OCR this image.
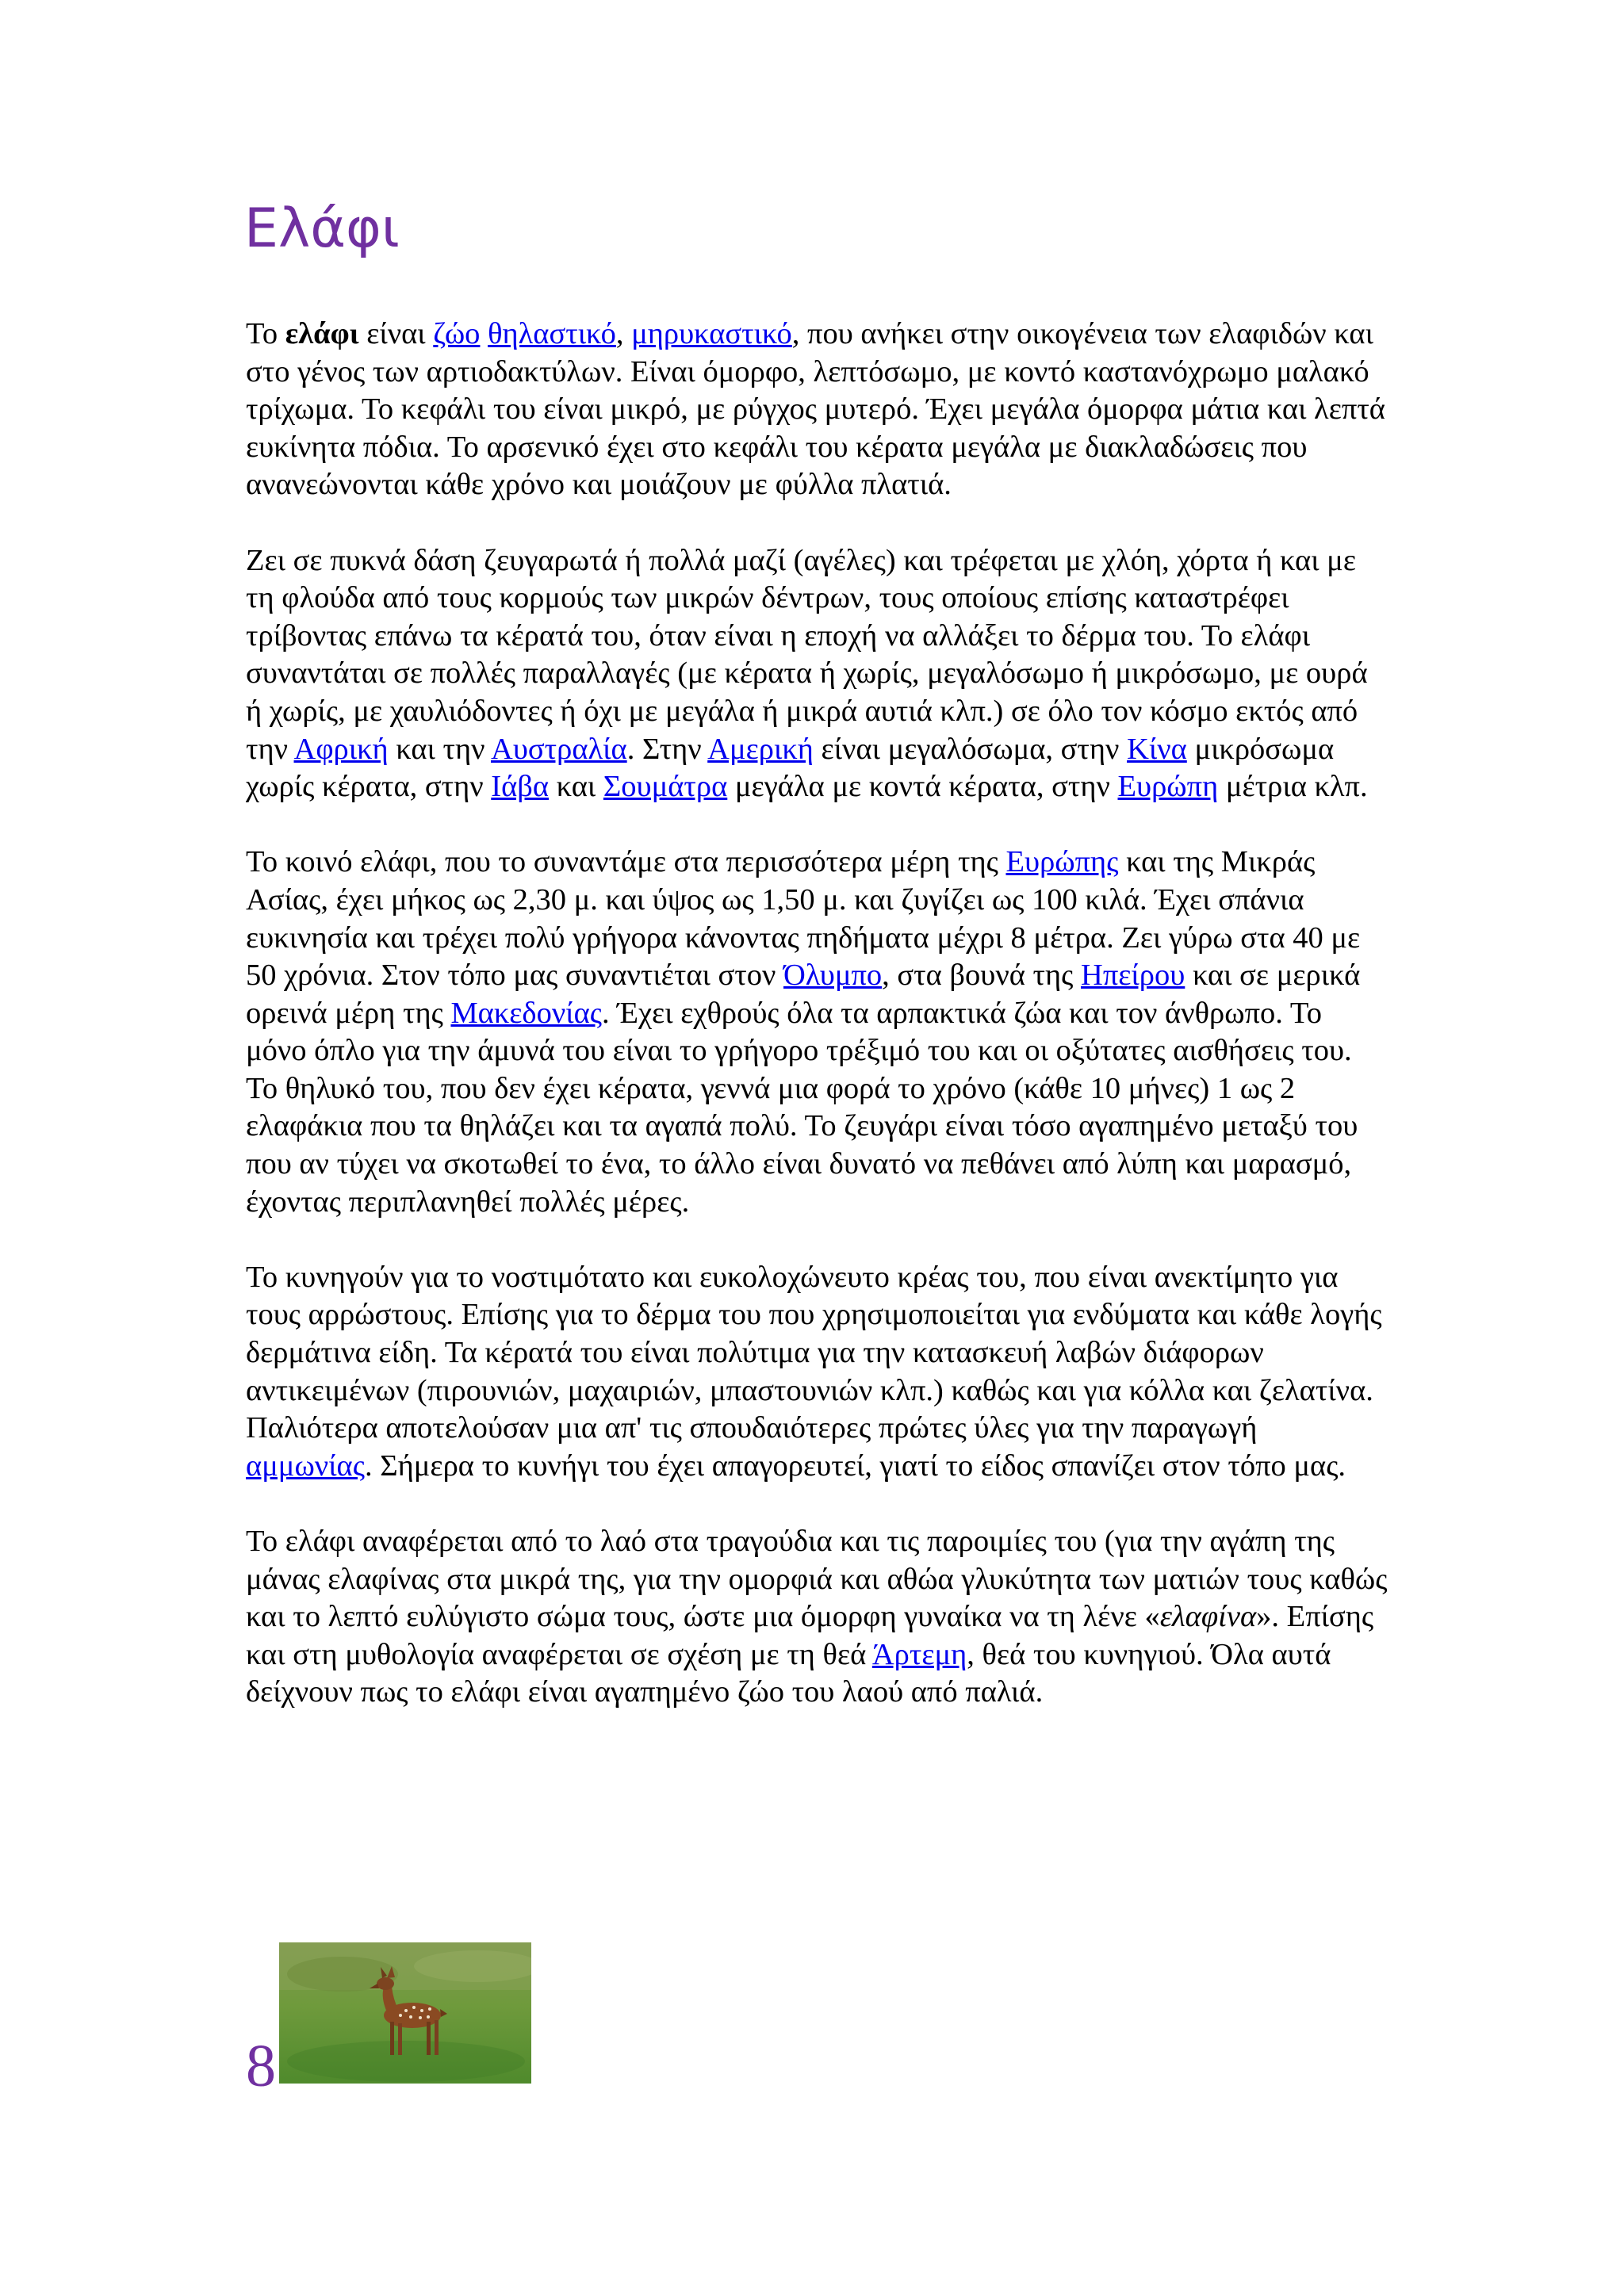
Ελάφι

Το ελάφι είναι ζώο θηλαστικό, μηρυκαστικό, που ανήκει στην οικογένεια των ελαφιδών και στο γένος των αρτιοδακτύλων. Είναι όμορφο, λεπτόσωμο, με κοντό καστανόχρωμο μαλακό τρίχωμα. Το κεφάλι του είναι μικρό, με ρύγχος μυτερό. Έχει μεγάλα όμορφα μάτια και λεπτά ευκίνητα πόδια. Το αρσενικό έχει στο κεφάλι του κέρατα μεγάλα με διακλαδώσεις που ανανεώνονται κάθε χρόνο και μοιάζουν με φύλλα πλατιά.

Ζει σε πυκνά δάση ζευγαρωτά ή πολλά μαζί (αγέλες) και τρέφεται με χλόη, χόρτα ή και με τη φλούδα από τους κορμούς των μικρών δέντρων, τους οποίους επίσης καταστρέφει τρίβοντας επάνω τα κέρατά του, όταν είναι η εποχή να αλλάξει το δέρμα του. Το ελάφι συναντάται σε πολλές παραλλαγές (με κέρατα ή χωρίς, μεγαλόσωμο ή μικρόσωμο, με ουρά ή χωρίς, με χαυλιόδοντες ή όχι με μεγάλα ή μικρά αυτιά κλπ.) σε όλο τον κόσμο εκτός από την Αφρική και την Αυστραλία. Στην Αμερική είναι μεγαλόσωμα, στην Κίνα μικρόσωμα χωρίς κέρατα, στην Ιάβα και Σουμάτρα μεγάλα με κοντά κέρατα, στην Ευρώπη μέτρια κλπ.

Το κοινό ελάφι, που το συναντάμε στα περισσότερα μέρη της Ευρώπης και της Μικράς Ασίας, έχει μήκος ως 2,30 μ. και ύψος ως 1,50 μ. και ζυγίζει ως 100 κιλά. Έχει σπάνια ευκινησία και τρέχει πολύ γρήγορα κάνοντας πηδήματα μέχρι 8 μέτρα. Ζει γύρω στα 40 με 50 χρόνια. Στον τόπο μας συναντιέται στον Όλυμπο, στα βουνά της Ηπείρου και σε μερικά ορεινά μέρη της Μακεδονίας. Έχει εχθρούς όλα τα αρπακτικά ζώα και τον άνθρωπο. Το μόνο όπλο για την άμυνά του είναι το γρήγορο τρέξιμό του και οι οξύτατες αισθήσεις του. Το θηλυκό του, που δεν έχει κέρατα, γεννά μια φορά το χρόνο (κάθε 10 μήνες) 1 ως 2 ελαφάκια που τα θηλάζει και τα αγαπά πολύ. Το ζευγάρι είναι τόσο αγαπημένο μεταξύ του που αν τύχει να σκοτωθεί το ένα, το άλλο είναι δυνατό να πεθάνει από λύπη και μαρασμό, έχοντας περιπλανηθεί πολλές μέρες.

Το κυνηγούν για το νοστιμότατο και ευκολοχώνευτο κρέας του, που είναι ανεκτίμητο για τους αρρώστους. Επίσης για το δέρμα του που χρησιμοποιείται για ενδύματα και κάθε λογής δερμάτινα είδη. Τα κέρατά του είναι πολύτιμα για την κατασκευή λαβών διάφορων αντικειμένων (πιρουνιών, μαχαιριών, μπαστουνιών κλπ.) καθώς και για κόλλα και ζελατίνα. Παλιότερα αποτελούσαν μια απ' τις σπουδαιότερες πρώτες ύλες για την παραγωγή αμμωνίας. Σήμερα το κυνήγι του έχει απαγορευτεί, γιατί το είδος σπανίζει στον τόπο μας.

Το ελάφι αναφέρεται από το λαό στα τραγούδια και τις παροιμίες του (για την αγάπη της μάνας ελαφίνας στα μικρά της, για την ομορφιά και αθώα γλυκύτητα των ματιών τους καθώς και το λεπτό ευλύγιστο σώμα τους, ώστε μια όμορφη γυναίκα να τη λένε «ελαφίνα». Επίσης και στη μυθολογία αναφέρεται σε σχέση με τη θεά Άρτεμη, θεά του κυνηγιού. Όλα αυτά δείχνουν πως το ελάφι είναι αγαπημένο ζώο του λαού από παλιά.

8
